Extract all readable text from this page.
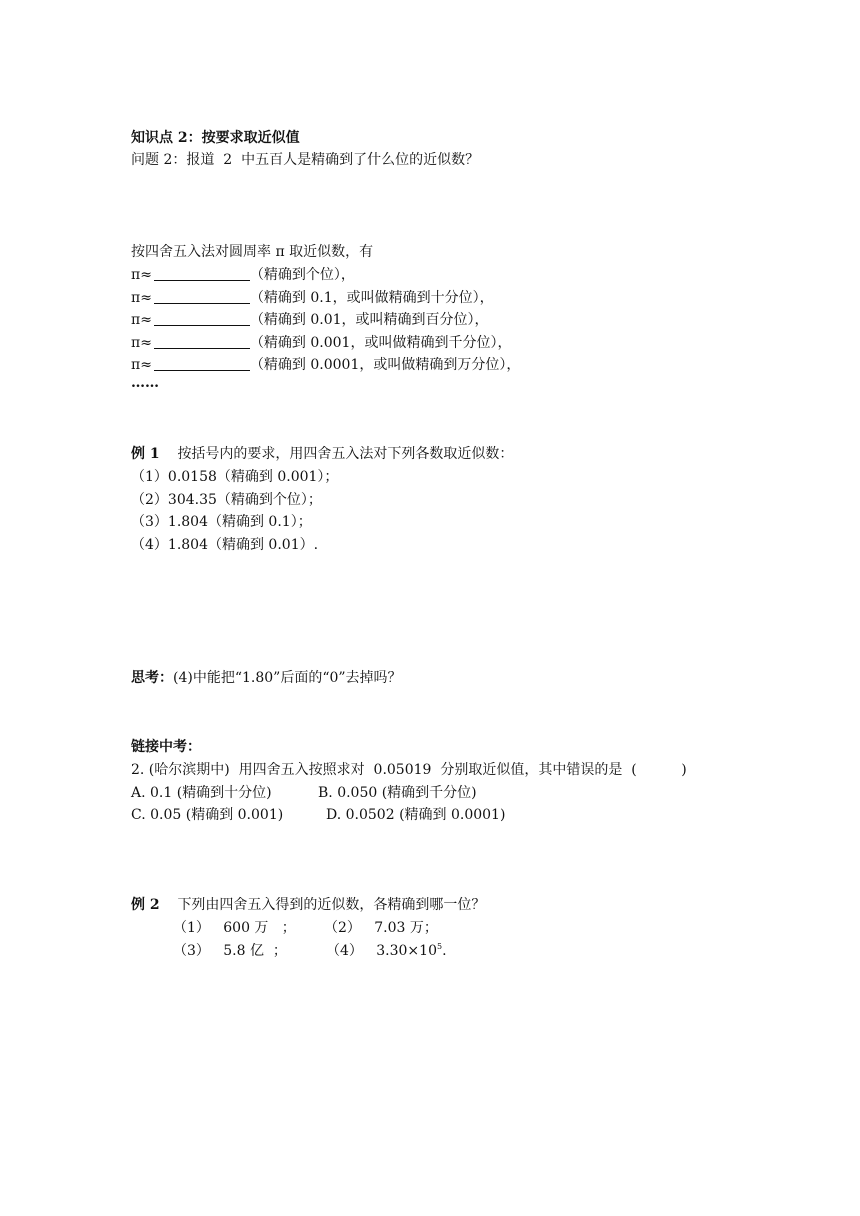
知识点 2：按要求取近似值
问题 2：报道  2  中五百人是精确到了什么位的近似数？
按四舍五入法对圆周率 π 取近似数，有
π≈	（精确到个位），
π≈	（精确到 0.1，或叫做精确到十分位），
π≈	（精确到 0.01，或叫精确到百分位），
π≈	（精确到 0.001，或叫做精确到千分位），
π≈	（精确到 0.0001，或叫做精确到万分位），
……
例 1 按括号内的要求，用四舍五入法对下列各数取近似数：
（1）0.0158（精确到 0.001）；
（2）304.35（精确到个位）；
（3）1.804（精确到 0.1）；
（4）1.804（精确到 0.01）.
思考：(4)中能把“1.80”后面的“0”去掉吗？
链接中考：
2. (哈尔滨期中)  用四舍五入按照求对  0.05019  分别取近似值，其中错误的是  (          )
A. 0.1 (精确到十分位)	B. 0.050 (精确到千分位)
C. 0.05 (精确到 0.001)	D. 0.0502 (精确到 0.0001)
例 2 下列由四舍五入得到的近似数，各精确到哪一位？
（1）   600 万   ； （2）   7.03 万；
（3）   5.8 亿  ；	（4）   $3.30\times 10^5$.
